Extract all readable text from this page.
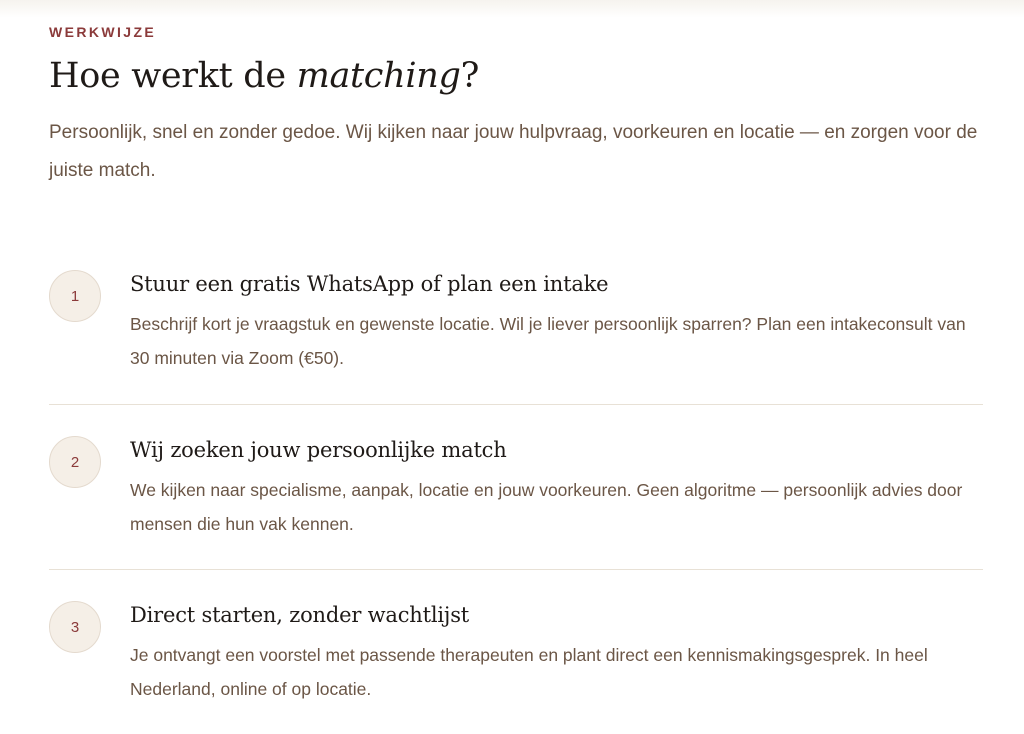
WERKWIJZE
Hoe werkt de matching?

Persoonlijk, snel en zonder gedoe. Wij kijken naar jouw hulpvraag, voorkeuren en locatie — en zorgen voor de juiste match.

1	Stuur een gratis WhatsApp of plan een intake

Beschrijf kort je vraagstuk en gewenste locatie. Wil je liever persoonlijk sparren? Plan een intakeconsult van 30 minuten via Zoom (€50).

2	Wij zoeken jouw persoonlijke match

We kijken naar specialisme, aanpak, locatie en jouw voorkeuren. Geen algoritme — persoonlijk advies door mensen die hun vak kennen.

3	Direct starten, zonder wachtlijst

Je ontvangt een voorstel met passende therapeuten en plant direct een kennismakingsgesprek. In heel Nederland, online of op locatie.
